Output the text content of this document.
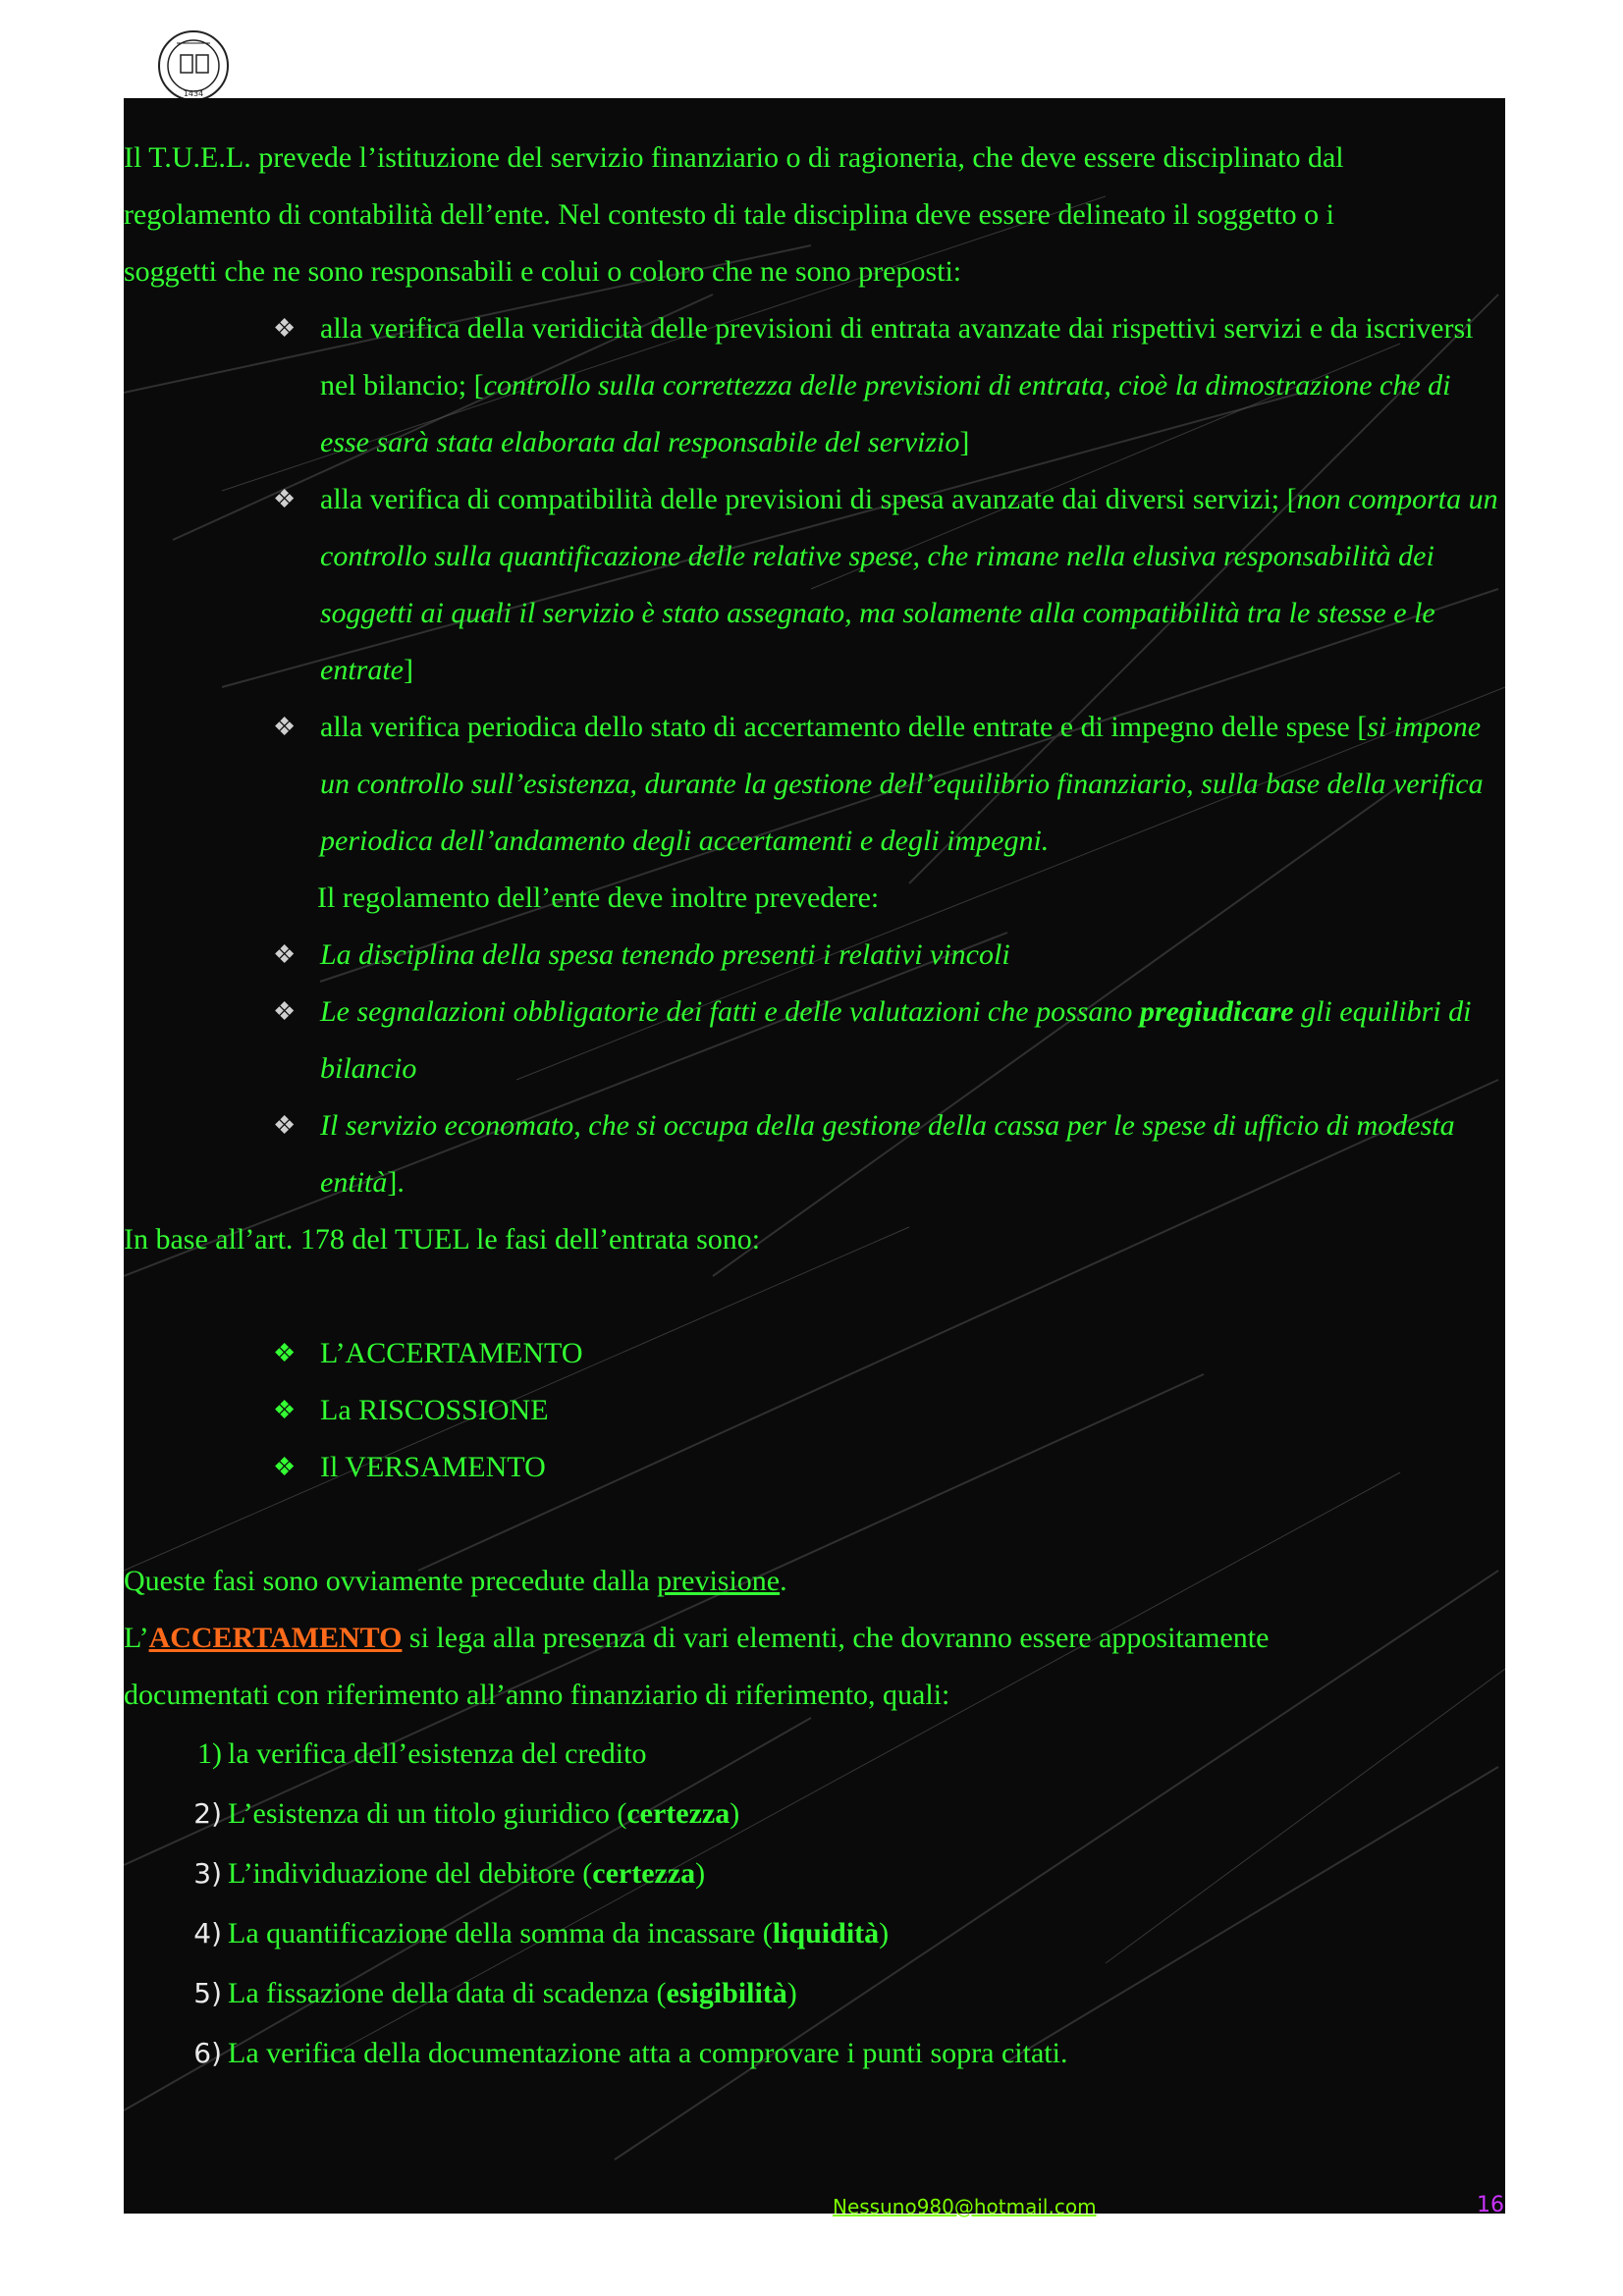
1434
Il T.U.E.L. prevede l’istituzione del servizio finanziario o di ragioneria, che deve essere disciplinato dal
regolamento di contabilità dell’ente. Nel contesto di tale disciplina deve essere delineato il soggetto o i
soggetti che ne sono responsabili e colui o coloro che ne sono preposti:
❖ alla verifica della veridicità delle previsioni di entrata avanzate dai rispettivi servizi e da iscriversi nel bilancio; [controllo sulla correttezza delle previsioni di entrata, cioè la dimostrazione che di esse sarà stata elaborata dal responsabile del servizio]
❖ alla verifica di compatibilità delle previsioni di spesa avanzate dai diversi servizi; [non comporta un controllo sulla quantificazione delle relative spese, che rimane nella elusiva responsabilità dei soggetti ai quali il servizio è stato assegnato, ma solamente alla compatibilità tra le stesse e le entrate]
❖ alla verifica periodica dello stato di accertamento delle entrate e di impegno delle spese [si impone un controllo sull’esistenza, durante la gestione dell’equilibrio finanziario, sulla base della verifica periodica dell’andamento degli accertamenti e degli impegni.
Il regolamento dell’ente deve inoltre prevedere:
❖ La disciplina della spesa tenendo presenti i relativi vincoli
❖ Le segnalazioni obbligatorie dei fatti e delle valutazioni che possano pregiudicare gli equilibri di bilancio
❖ Il servizio economato, che si occupa della gestione della cassa per le spese di ufficio di modesta entità].
In base all’art. 178 del TUEL le fasi dell’entrata sono:
❖ L’ACCERTAMENTO
❖ La RISCOSSIONE
❖ Il VERSAMENTO
Queste fasi sono ovviamente precedute dalla previsione.
L’ACCERTAMENTO si lega alla presenza di vari elementi, che dovranno essere appositamente
documentati con riferimento all’anno finanziario di riferimento, quali:
1) la verifica dell’esistenza del credito
2) L’esistenza di un titolo giuridico (certezza)
3) L’individuazione del debitore (certezza)
4) La quantificazione della somma da incassare (liquidità)
5) La fissazione della data di scadenza (esigibilità)
6) La verifica della documentazione atta a comprovare i punti sopra citati.
Nessuno980@hotmail.com	16
